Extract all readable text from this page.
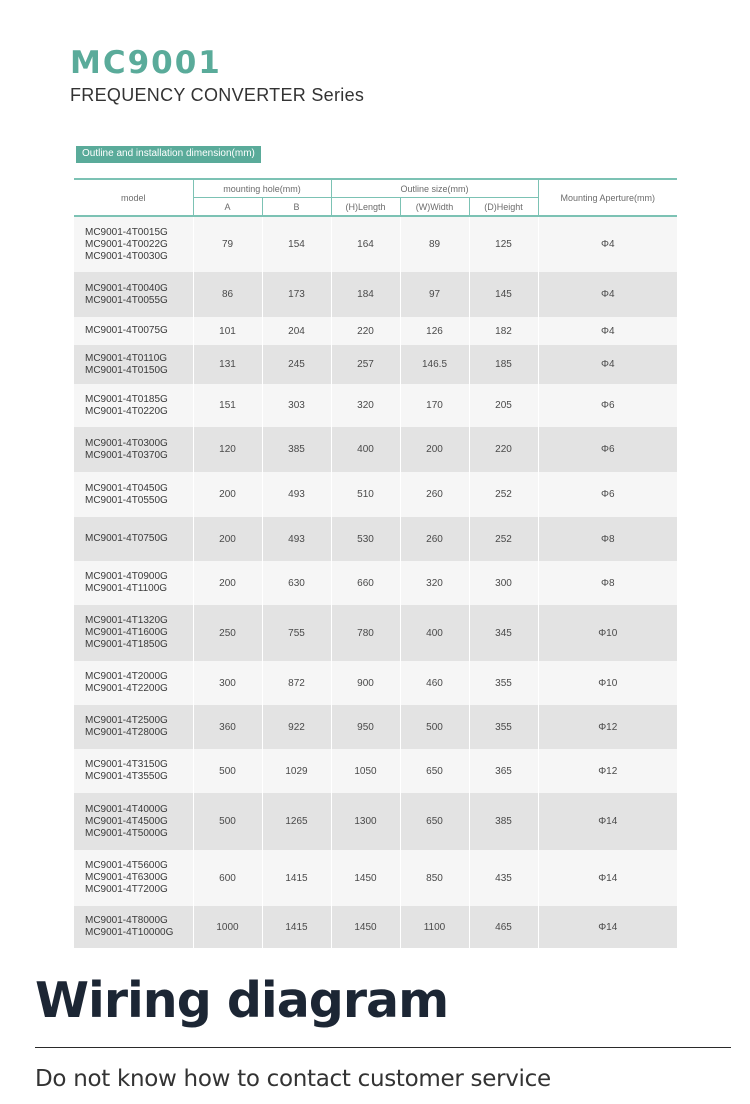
MC9001
FREQUENCY CONVERTER Series
Outline and installation dimension(mm)
model	mounting hole(mm)		Outline size(mm)			Mounting Aperture(mm)
	A	B	(H)Length	(W)Width	(D)Height	

MC9001-4T0015G
MC9001-4T0022G
MC9001-4T0030G	79	154	164	89	125	Φ4

MC9001-4T0040G
MC9001-4T0055G	86	173	184	97	145	Φ4

MC9001-4T0075G	101	204	220	126	182	Φ4

MC9001-4T0110G
MC9001-4T0150G	131	245	257	146.5	185	Φ4

MC9001-4T0185G
MC9001-4T0220G	151	303	320	170	205	Φ6

MC9001-4T0300G
MC9001-4T0370G	120	385	400	200	220	Φ6

MC9001-4T0450G
MC9001-4T0550G	200	493	510	260	252	Φ6

MC9001-4T0750G	200	493	530	260	252	Φ8

MC9001-4T0900G
MC9001-4T1100G	200	630	660	320	300	Φ8

MC9001-4T1320G
MC9001-4T1600G
MC9001-4T1850G	250	755	780	400	345	Φ10

MC9001-4T2000G
MC9001-4T2200G	300	872	900	460	355	Φ10

MC9001-4T2500G
MC9001-4T2800G	360	922	950	500	355	Φ12

MC9001-4T3150G
MC9001-4T3550G	500	1029	1050	650	365	Φ12

MC9001-4T4000G
MC9001-4T4500G
MC9001-4T5000G	500	1265	1300	650	385	Φ14

MC9001-4T5600G
MC9001-4T6300G
MC9001-4T7200G	600	1415	1450	850	435	Φ14

MC9001-4T8000G
MC9001-4T10000G	1000	1415	1450	1100	465	Φ14
Wiring diagram
Do not know how to contact customer service
